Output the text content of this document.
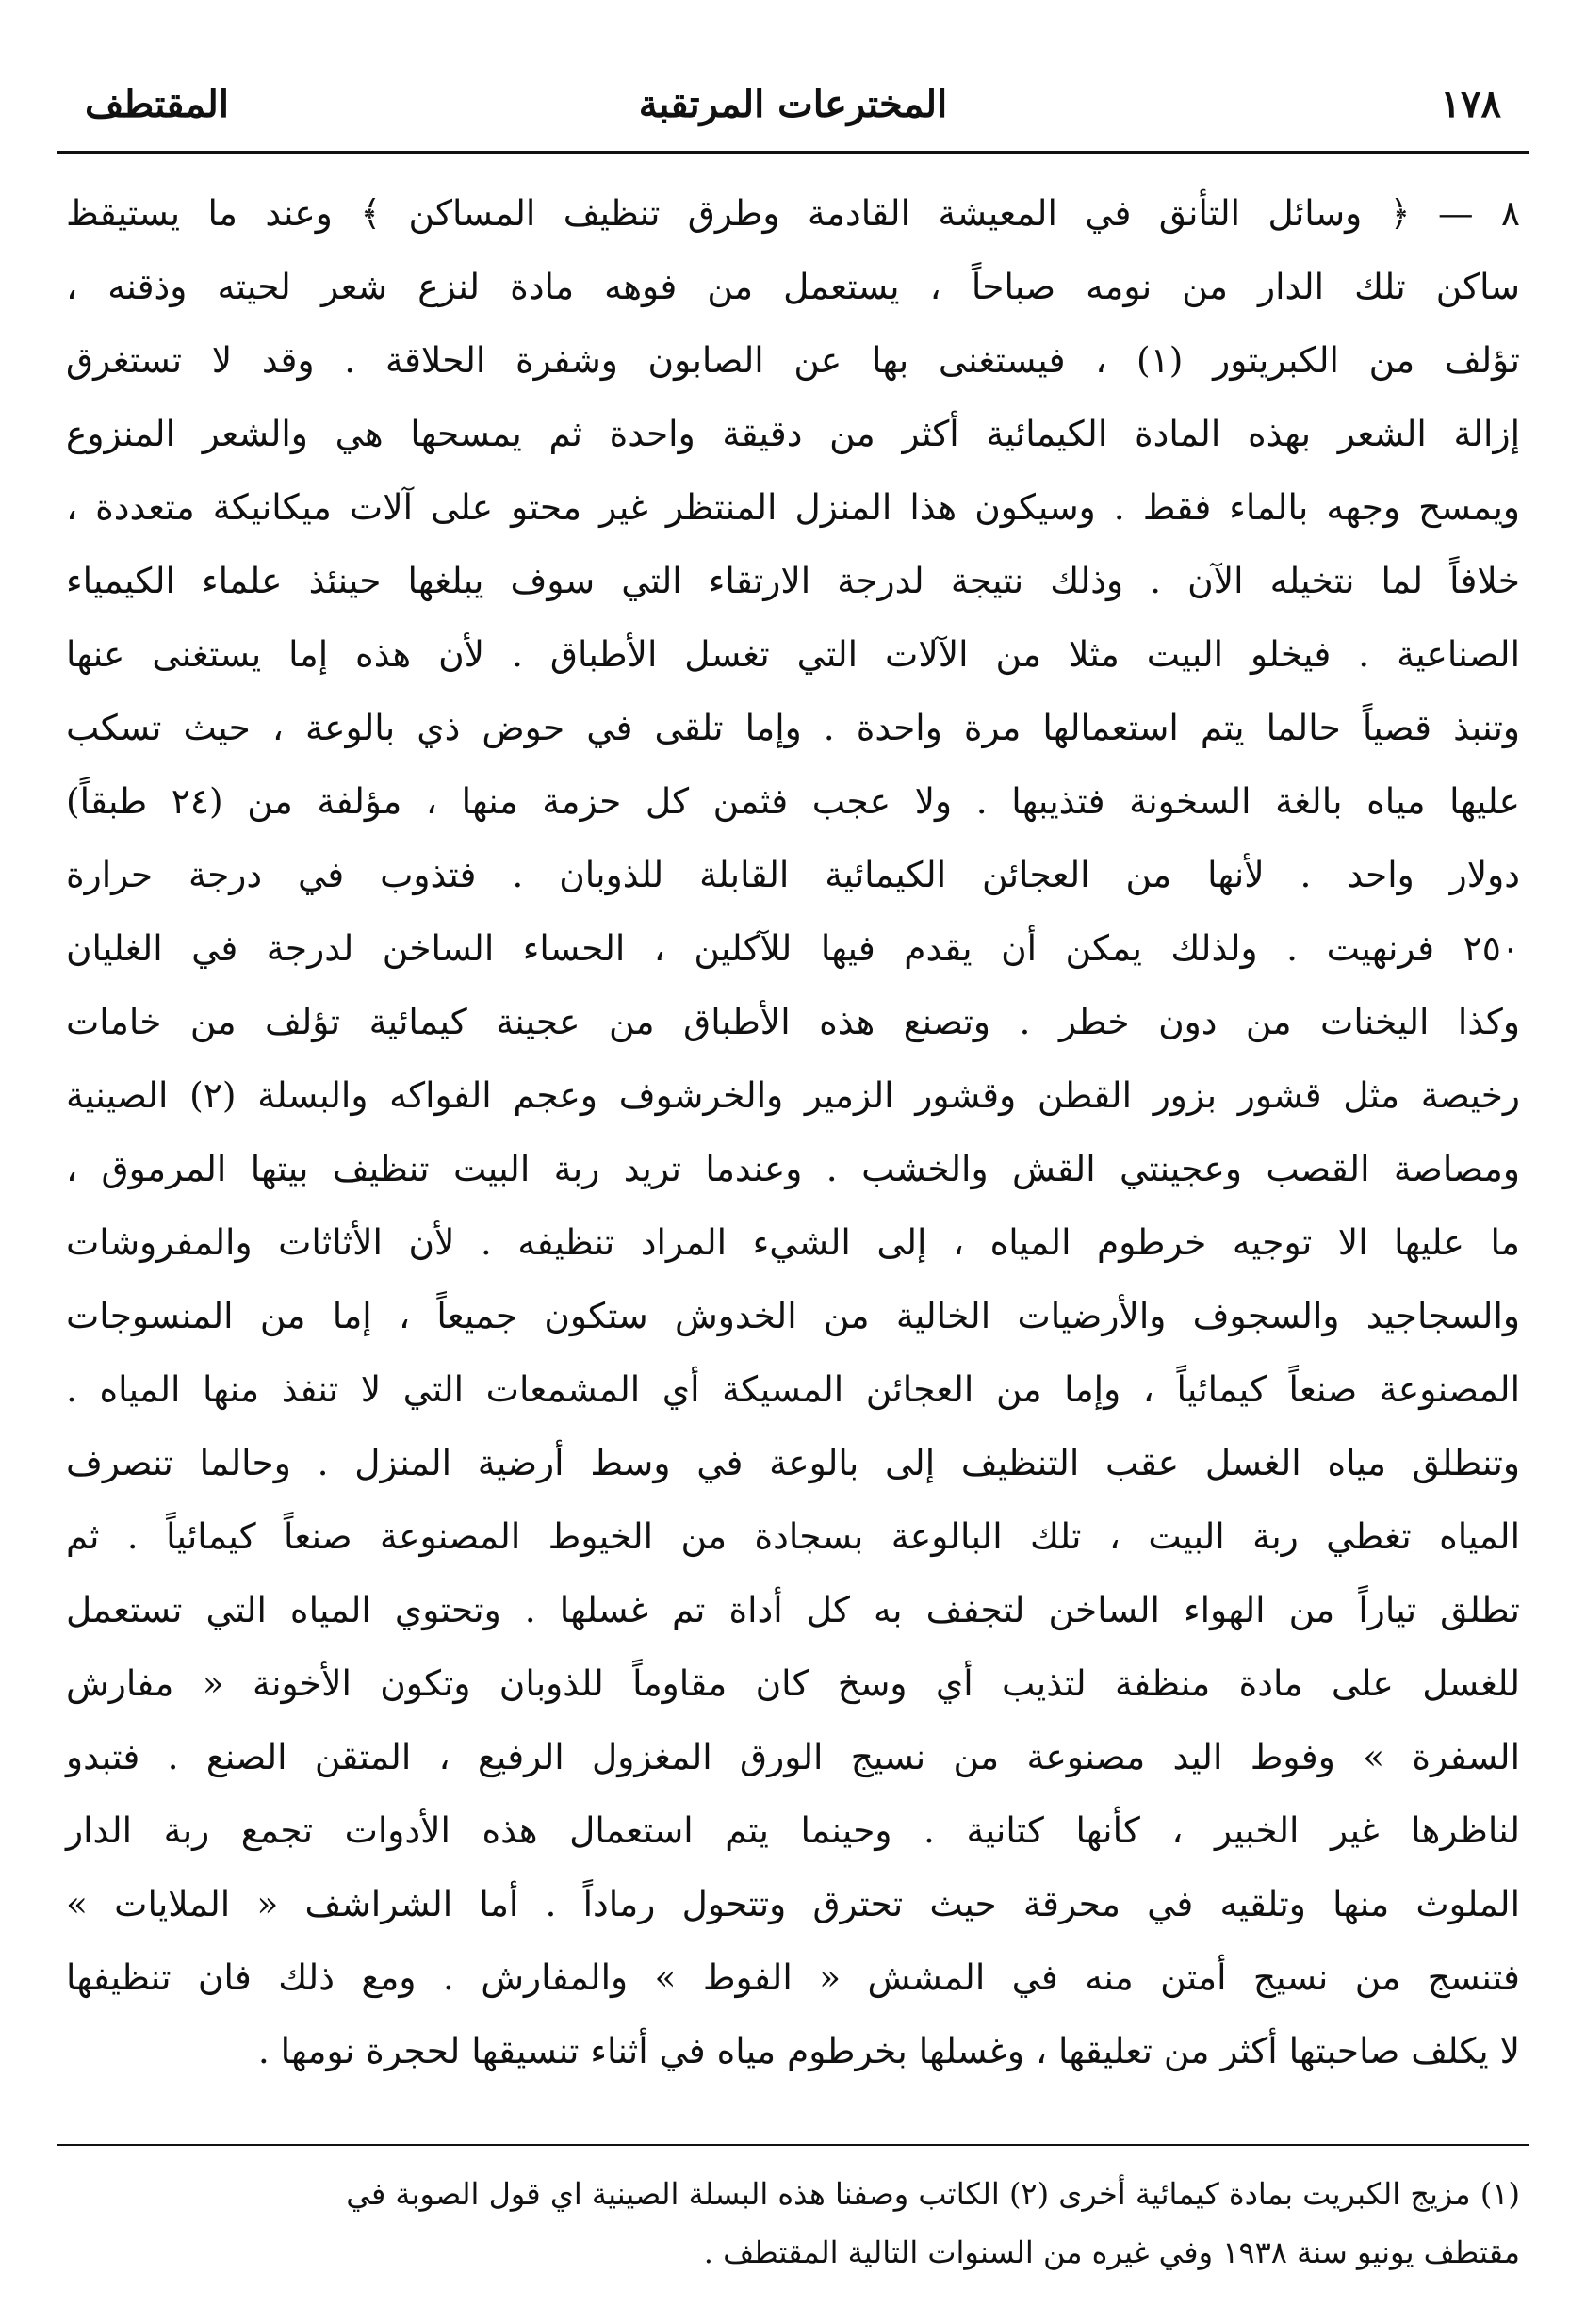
١٧٨
المخترعات المرتقبة
المقتطف

٨ — ﴿ وسائل التأنق في المعيشة القادمة وطرق تنظيف المساكن ﴾ وعند ما يستيقظ
ساكن تلك الدار من نومه صباحاً ، يستعمل من فوهه مادة لنزع شعر لحيته وذقنه ،
تؤلف من الكبريتور (١) ، فيستغنى بها عن الصابون وشفرة الحلاقة . وقد لا تستغرق
إزالة الشعر بهذه المادة الكيمائية أكثر من دقيقة واحدة ثم يمسحها هي والشعر المنزوع
ويمسح وجهه بالماء فقط . وسيكون هذا المنزل المنتظر غير محتو على آلات ميكانيكة متعددة ،
خلافاً لما نتخيله الآن . وذلك نتيجة لدرجة الارتقاء التي سوف يبلغها حينئذ علماء الكيمياء
الصناعية . فيخلو البيت مثلا من الآلات التي تغسل الأطباق . لأن هذه إما يستغنى عنها
وتنبذ قصياً حالما يتم استعمالها مرة واحدة . وإما تلقى في حوض ذي بالوعة ، حيث تسكب
عليها مياه بالغة السخونة فتذيبها . ولا عجب فثمن كل حزمة منها ، مؤلفة من (٢٤ طبقاً)
دولار واحد . لأنها من العجائن الكيمائية القابلة للذوبان . فتذوب في درجة حرارة
٢٥٠ فرنهيت . ولذلك يمكن أن يقدم فيها للآكلين ، الحساء الساخن لدرجة في الغليان
وكذا اليخنات من دون خطر . وتصنع هذه الأطباق من عجينة كيمائية تؤلف من خامات
رخيصة مثل قشور بزور القطن وقشور الزمير والخرشوف وعجم الفواكه والبسلة (٢) الصينية
ومصاصة القصب وعجينتي القش والخشب . وعندما تريد ربة البيت تنظيف بيتها المرموق ،
ما عليها الا توجيه خرطوم المياه ، إلى الشيء المراد تنظيفه . لأن الأثاثات والمفروشات
والسجاجيد والسجوف والأرضيات الخالية من الخدوش ستكون جميعاً ، إما من المنسوجات
المصنوعة صنعاً كيمائياً ، وإما من العجائن المسيكة أي المشمعات التي لا تنفذ منها المياه .
وتنطلق مياه الغسل عقب التنظيف إلى بالوعة في وسط أرضية المنزل . وحالما تنصرف
المياه تغطي ربة البيت ، تلك البالوعة بسجادة من الخيوط المصنوعة صنعاً كيمائياً . ثم
تطلق تياراً من الهواء الساخن لتجفف به كل أداة تم غسلها . وتحتوي المياه التي تستعمل
للغسل على مادة منظفة لتذيب أي وسخ كان مقاوماً للذوبان وتكون الأخونة « مفارش
السفرة » وفوط اليد مصنوعة من نسيج الورق المغزول الرفيع ، المتقن الصنع . فتبدو
لناظرها غير الخبير ، كأنها كتانية . وحينما يتم استعمال هذه الأدوات تجمع ربة الدار
الملوث منها وتلقيه في محرقة حيث تحترق وتتحول رماداً . أما الشراشف « الملايات »
فتنسج من نسيج أمتن منه في المشش « الفوط » والمفارش . ومع ذلك فان تنظيفها
لا يكلف صاحبتها أكثر من تعليقها ، وغسلها بخرطوم مياه في أثناء تنسيقها لحجرة نومها .

(١) مزيج الكبريت بمادة كيمائية أخرى (٢) الكاتب وصفنا هذه البسلة الصينية اي قول الصوبة في
مقتطف يونيو سنة ١٩٣٨ وفي غيره من السنوات التالية المقتطف .
